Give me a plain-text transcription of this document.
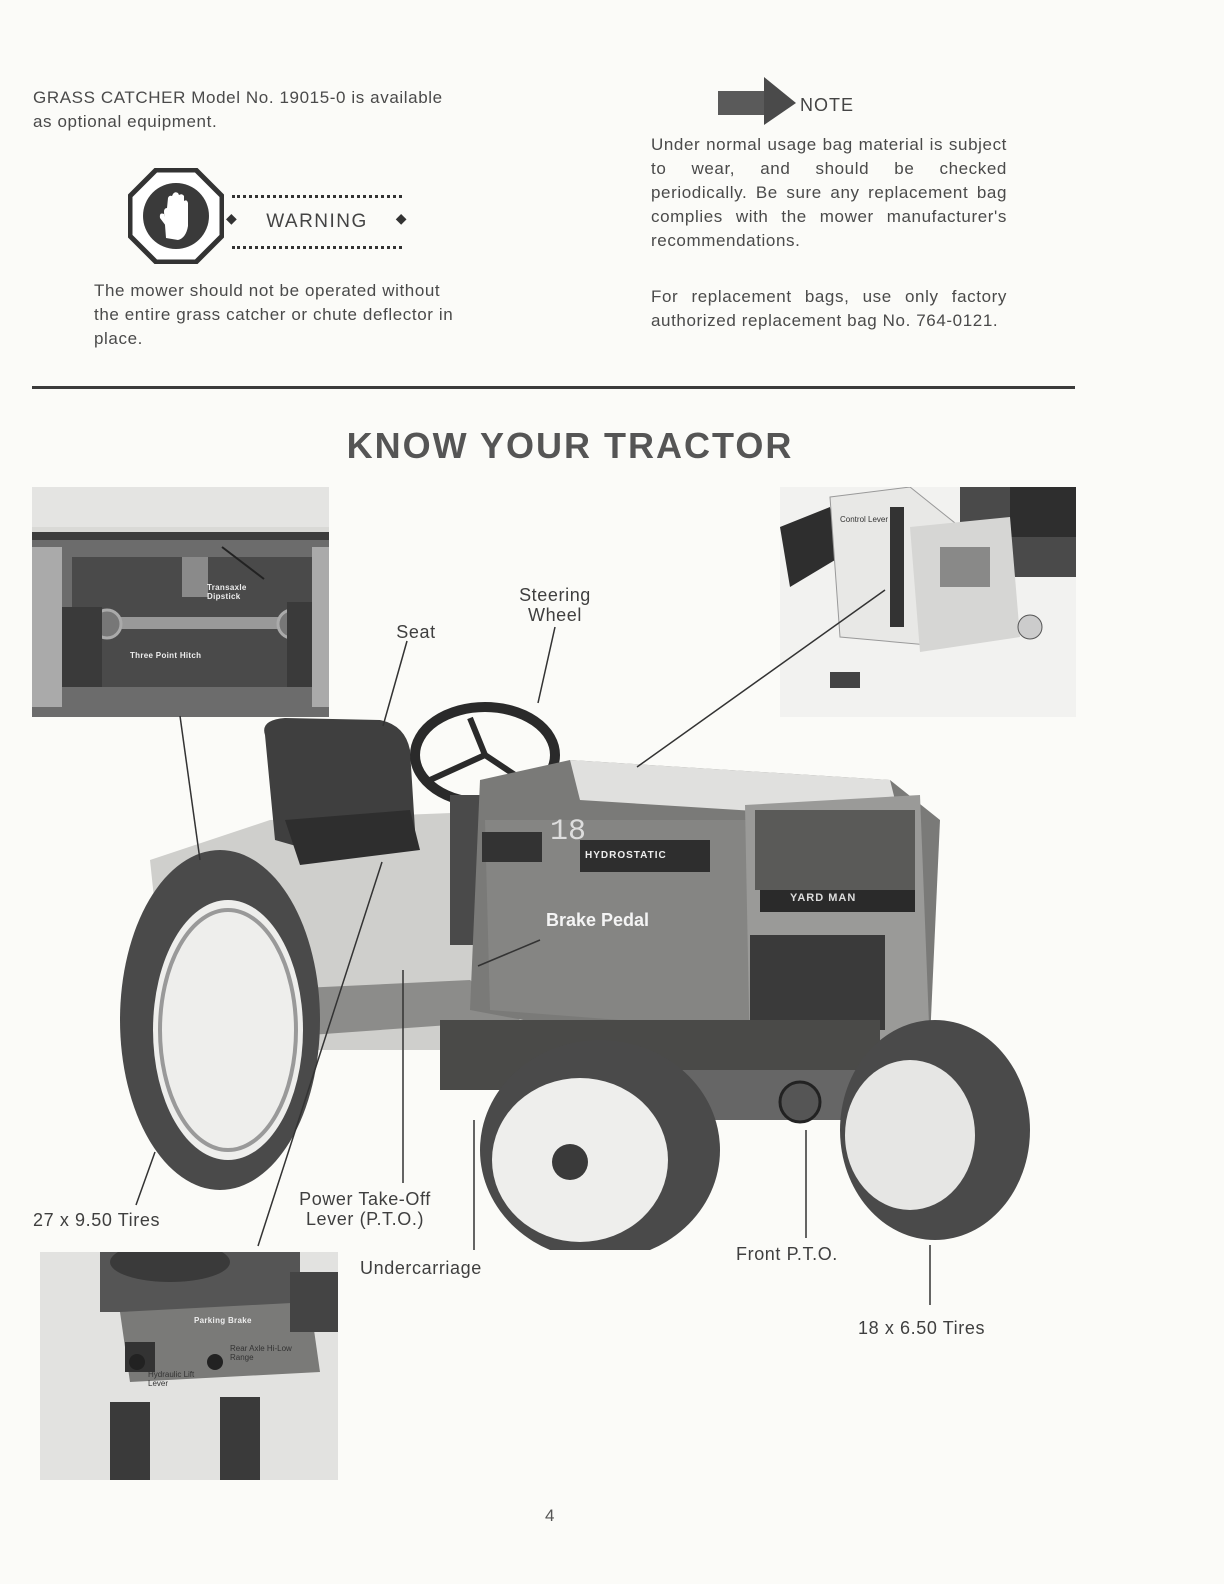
GRASS CATCHER Model No. 19015-0 is available

as optional equipment.

◆ WARNING ◆

The mower should not be operated without the entire grass catcher or chute deflector in place.

NOTE

Under normal usage bag material is subject to wear, and should be checked periodically. Be sure any replacement bag complies with the mower manufacturer's recommendations.

For replacement bags, use only factory authorized replacement bag No. 764-0121.

KNOW YOUR TRACTOR
Transaxle Dipstick
Three Point Hitch
Control Lever
HYDROSTATIC
18
YARD MAN
Brake Pedal
Steering Wheel
Seat
27 x 9.50 Tires
Power Take-Off Lever (P.T.O.)
Undercarriage
Front P.T.O.
18 x 6.50 Tires
Parking Brake
Rear Axle Hi-Low Range
Hydraulic Lift Lever
4
